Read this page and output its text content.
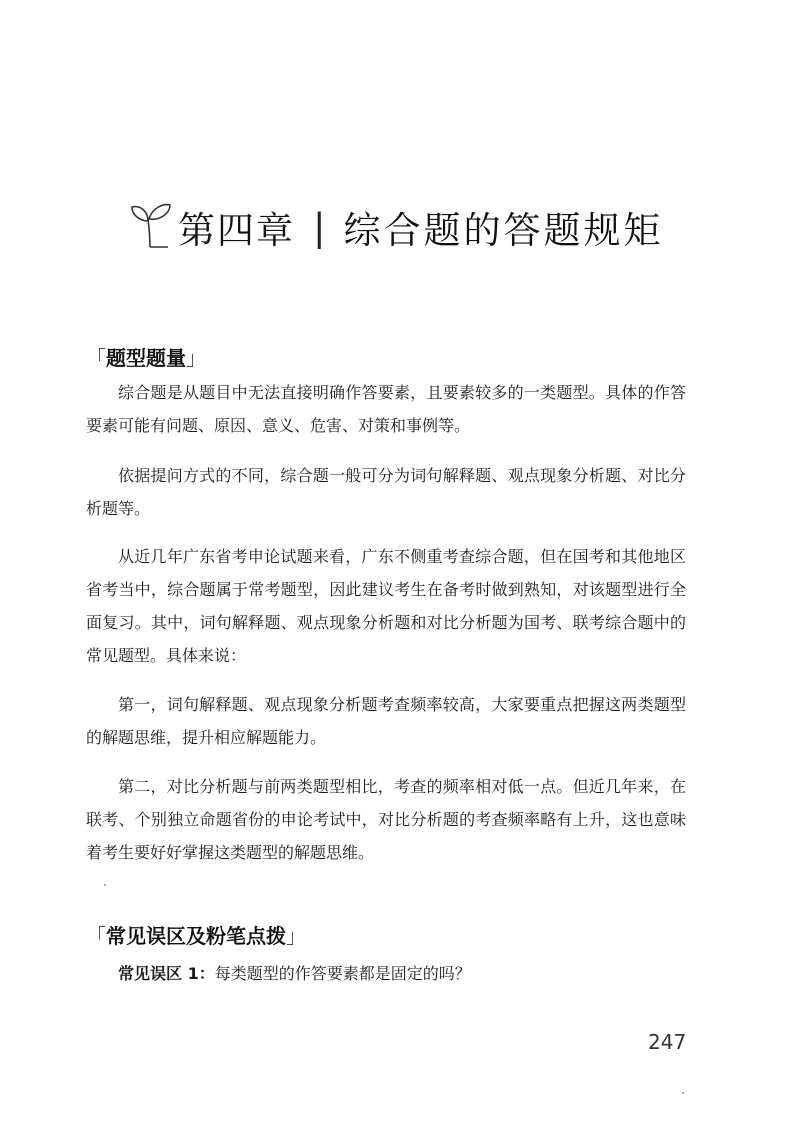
第四章 | 综合题的答题规矩
「题型题量」

综合题是从题目中无法直接明确作答要素，且要素较多的一类题型。具体的作答要素可能有问题、原因、意义、危害、对策和事例等。

依据提问方式的不同，综合题一般可分为词句解释题、观点现象分析题、对比分析题等。

从近几年广东省考申论试题来看，广东不侧重考查综合题，但在国考和其他地区省考当中，综合题属于常考题型，因此建议考生在备考时做到熟知，对该题型进行全面复习。其中，词句解释题、观点现象分析题和对比分析题为国考、联考综合题中的常见题型。具体来说：

第一，词句解释题、观点现象分析题考查频率较高，大家要重点把握这两类题型的解题思维，提升相应解题能力。

第二，对比分析题与前两类题型相比，考查的频率相对低一点。但近几年来，在联考、个别独立命题省份的申论考试中，对比分析题的考查频率略有上升，这也意味着考生要好好掌握这类题型的解题思维。

「常见误区及粉笔点拨」

常见误区 1：每类题型的作答要素都是固定的吗？

247
